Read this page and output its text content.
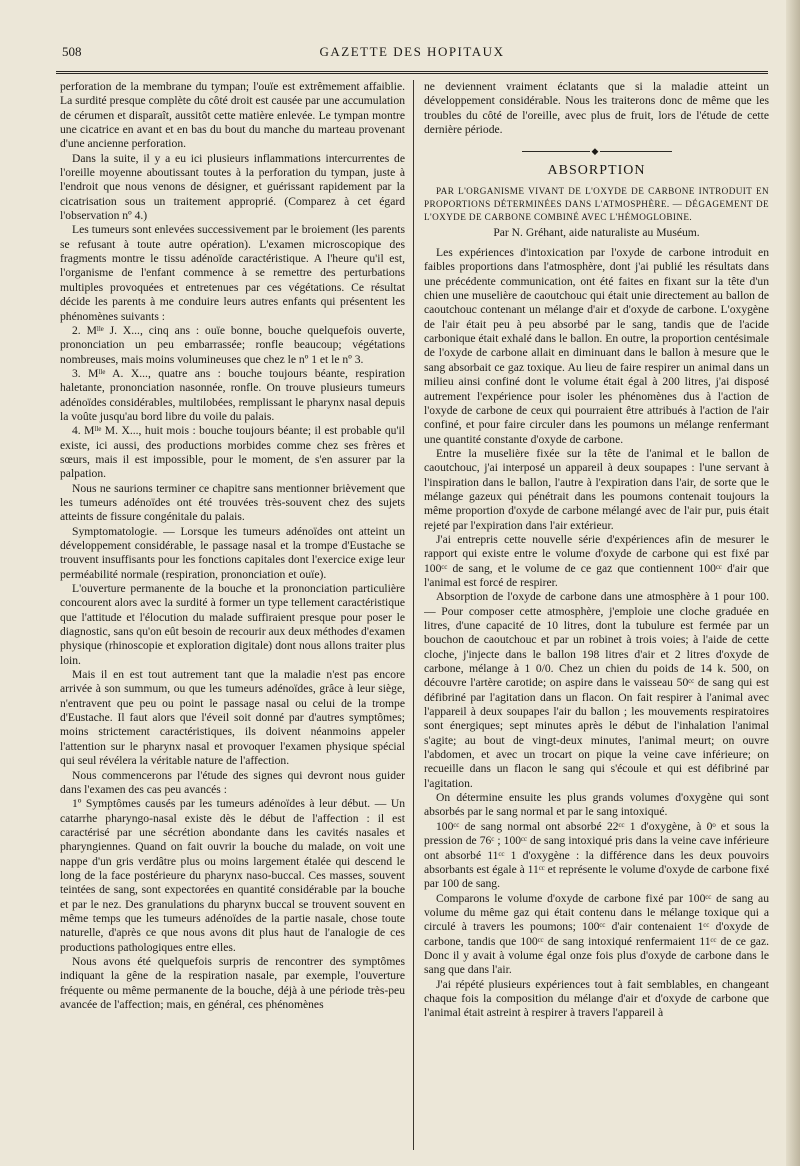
508	GAZETTE DES HOPITAUX

perforation de la membrane du tympan; l'ouïe est extrêmement affaiblie. La surdité presque complète du côté droit est causée par une accumulation de cérumen et disparaît, aussitôt cette matière enlevée. Le tympan montre une cicatrice en avant et en bas du bout du manche du marteau provenant d'une ancienne perforation.

Dans la suite, il y a eu ici plusieurs inflammations intercurrentes de l'oreille moyenne aboutissant toutes à la perforation du tympan, juste à l'endroit que nous venons de désigner, et guérissant rapidement par la cicatrisation sous un traitement approprié. (Comparez à cet égard l'observation nº 4.)

Les tumeurs sont enlevées successivement par le broiement (les parents se refusant à toute autre opération). L'examen microscopique des fragments montre le tissu adénoïde caractéristique. A l'heure qu'il est, l'organisme de l'enfant commence à se remettre des perturbations multiples provoquées et entretenues par ces végétations. Ce résultat décide les parents à me conduire leurs autres enfants qui présentent les phénomènes suivants :

2. Mˡˡᵉ J. X..., cinq ans : ouïe bonne, bouche quelquefois ouverte, prononciation un peu embarrassée; ronfle beaucoup; végétations nombreuses, mais moins volumineuses que chez le nº 1 et le nº 3.

3. Mˡˡᵉ A. X..., quatre ans : bouche toujours béante, respiration haletante, prononciation nasonnée, ronfle. On trouve plusieurs tumeurs adénoïdes considérables, multilobées, remplissant le pharynx nasal depuis la voûte jusqu'au bord libre du voile du palais.

4. Mˡˡᵉ M. X..., huit mois : bouche toujours béante; il est probable qu'il existe, ici aussi, des productions morbides comme chez ses frères et sœurs, mais il est impossible, pour le moment, de s'en assurer par la palpation.

Nous ne saurions terminer ce chapitre sans mentionner brièvement que les tumeurs adénoïdes ont été trouvées très-souvent chez des sujets atteints de fissure congénitale du palais.

Symptomatologie. — Lorsque les tumeurs adénoïdes ont atteint un développement considérable, le passage nasal et la trompe d'Eustache se trouvent insuffisants pour les fonctions capitales dont l'exercice exige leur perméabilité normale (respiration, prononciation et ouïe).

L'ouverture permanente de la bouche et la prononciation particulière concourent alors avec la surdité à former un type tellement caractéristique que l'attitude et l'élocution du malade suffiraient presque pour poser le diagnostic, sans qu'on eût besoin de recourir aux deux méthodes d'examen physique (rhinoscopie et exploration digitale) dont nous allons traiter plus loin.

Mais il en est tout autrement tant que la maladie n'est pas encore arrivée à son summum, ou que les tumeurs adénoïdes, grâce à leur siège, n'entravent que peu ou point le passage nasal ou celui de la trompe d'Eustache. Il faut alors que l'éveil soit donné par d'autres symptômes; moins strictement caractéristiques, ils doivent néanmoins appeler l'attention sur le pharynx nasal et provoquer l'examen physique spécial qui seul révélera la véritable nature de l'affection.

Nous commencerons par l'étude des signes qui devront nous guider dans l'examen des cas peu avancés :

1º Symptômes causés par les tumeurs adénoïdes à leur début. — Un catarrhe pharyngo-nasal existe dès le début de l'affection : il est caractérisé par une sécrétion abondante dans les cavités nasales et pharyngiennes. Quand on fait ouvrir la bouche du malade, on voit une nappe d'un gris verdâtre plus ou moins largement étalée qui descend le long de la face postérieure du pharynx naso-buccal. Ces masses, souvent teintées de sang, sont expectorées en quantité considérable par la bouche et par le nez. Des granulations du pharynx buccal se trouvent souvent en même temps que les tumeurs adénoïdes de la partie nasale, chose toute naturelle, d'après ce que nous avons dit plus haut de l'analogie de ces productions pathologiques entre elles.

Nous avons été quelquefois surpris de rencontrer des symptômes indiquant la gêne de la respiration nasale, par exemple, l'ouverture fréquente ou même permanente de la bouche, déjà à une période très-peu avancée de l'affection; mais, en général, ces phénomènes

ne deviennent vraiment éclatants que si la maladie atteint un développement considérable. Nous les traiterons donc de même que les troubles du côté de l'oreille, avec plus de fruit, lors de l'étude de cette dernière période.

◆
ABSORPTION

PAR L'ORGANISME VIVANT DE L'OXYDE DE CARBONE INTRODUIT EN PROPORTIONS DÉTERMINÉES DANS L'ATMOSPHÈRE. — DÉGAGEMENT DE L'OXYDE DE CARBONE COMBINÉ AVEC L'HÉMOGLOBINE.

Par N. Gréhant, aide naturaliste au Muséum.

Les expériences d'intoxication par l'oxyde de carbone introduit en faibles proportions dans l'atmosphère, dont j'ai publié les résultats dans une précédente communication, ont été faites en fixant sur la tête d'un chien une muselière de caoutchouc qui était unie directement au ballon de caoutchouc contenant un mélange d'air et d'oxyde de carbone. L'oxygène de l'air était peu à peu absorbé par le sang, tandis que de l'acide carbonique était exhalé dans le ballon. En outre, la proportion centésimale de l'oxyde de carbone allait en diminuant dans le ballon à mesure que le sang absorbait ce gaz toxique. Au lieu de faire respirer un animal dans un milieu ainsi confiné dont le volume était égal à 200 litres, j'ai disposé autrement l'expérience pour isoler les phénomènes dus à l'action de l'oxyde de carbone de ceux qui pourraient être attribués à l'action de l'air confiné, et pour faire circuler dans les poumons un mélange renfermant une quantité constante d'oxyde de carbone.

Entre la muselière fixée sur la tête de l'animal et le ballon de caoutchouc, j'ai interposé un appareil à deux soupapes : l'une servant à l'inspiration dans le ballon, l'autre à l'expiration dans l'air, de sorte que le mélange gazeux qui pénétrait dans les poumons contenait toujours la même proportion d'oxyde de carbone mélangé avec de l'air pur, puis était rejeté par l'expiration dans l'air extérieur.

J'ai entrepris cette nouvelle série d'expériences afin de mesurer le rapport qui existe entre le volume d'oxyde de carbone qui est fixé par 100ᶜᶜ de sang, et le volume de ce gaz que contiennent 100ᶜᶜ d'air que l'animal est forcé de respirer.

Absorption de l'oxyde de carbone dans une atmosphère à 1 pour 100. — Pour composer cette atmosphère, j'emploie une cloche graduée en litres, d'une capacité de 10 litres, dont la tubulure est fermée par un bouchon de caoutchouc et par un robinet à trois voies; à l'aide de cette cloche, j'injecte dans le ballon 198 litres d'air et 2 litres d'oxyde de carbone, mélange à 1 0/0. Chez un chien du poids de 14 k. 500, on découvre l'artère carotide; on aspire dans le vaisseau 50ᶜᶜ de sang qui est défibriné par l'agitation dans un flacon. On fait respirer à l'animal avec l'appareil à deux soupapes l'air du ballon ; les mouvements respiratoires sont énergiques; sept minutes après le début de l'inhalation l'animal s'agite; au bout de vingt-deux minutes, l'animal meurt; on ouvre l'abdomen, et avec un trocart on pique la veine cave inférieure; on recueille dans un flacon le sang qui s'écoule et qui est défibriné par l'agitation.

On détermine ensuite les plus grands volumes d'oxygène qui sont absorbés par le sang normal et par le sang intoxiqué.

100ᶜᶜ de sang normal ont absorbé 22ᶜᶜ 1 d'oxygène, à 0ᵒ et sous la pression de 76ᶜ ; 100ᶜᶜ de sang intoxiqué pris dans la veine cave inférieure ont absorbé 11ᶜᶜ 1 d'oxygène : la différence dans les deux pouvoirs absorbants est égale à 11ᶜᶜ et représente le volume d'oxyde de carbone fixé par 100 de sang.

Comparons le volume d'oxyde de carbone fixé par 100ᶜᶜ de sang au volume du même gaz qui était contenu dans le mélange toxique qui a circulé à travers les poumons; 100ᶜᶜ d'air contenaient 1ᶜᶜ d'oxyde de carbone, tandis que 100ᶜᶜ de sang intoxiqué renfermaient 11ᶜᶜ de ce gaz. Donc il y avait à volume égal onze fois plus d'oxyde de carbone dans le sang que dans l'air.

J'ai répété plusieurs expériences tout à fait semblables, en changeant chaque fois la composition du mélange d'air et d'oxyde de carbone que l'animal était astreint à respirer à travers l'appareil à
